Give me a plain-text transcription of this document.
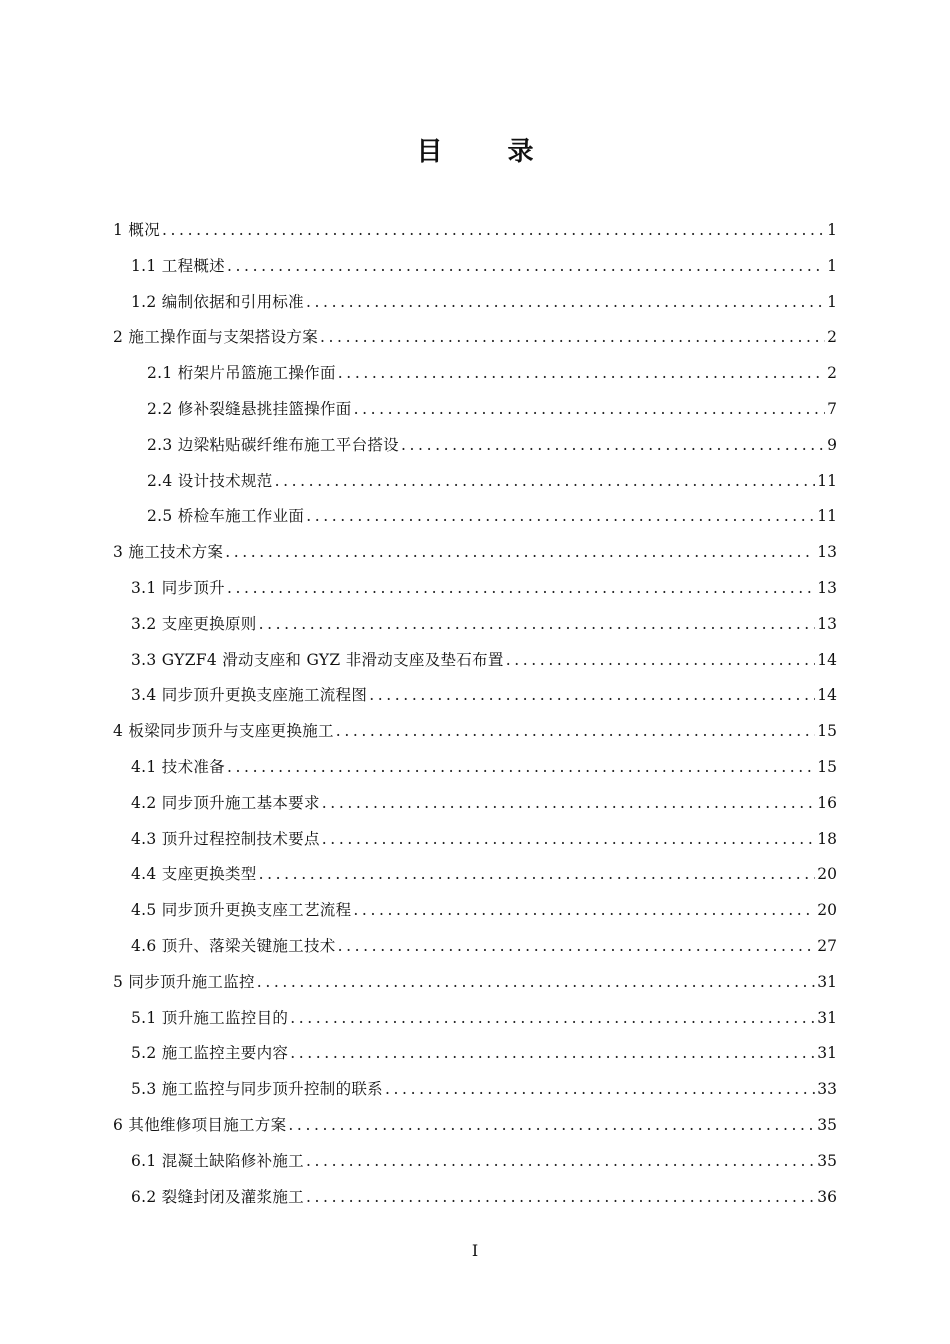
目 录
1 概况 .....	1
1.1 工程概述 .....	1
1.2 编制依据和引用标准 .....	1
2 施工操作面与支架搭设方案 .....	2
2.1 桁架片吊篮施工操作面 .....	2
2.2 修补裂缝悬挑挂篮操作面 .....	7
2.3 边梁粘贴碳纤维布施工平台搭设 .....	9
2.4 设计技术规范 .....	11
2.5 桥检车施工作业面 .....	11
3 施工技术方案 .....	13
3.1 同步顶升 .....	13
3.2 支座更换原则 .....	13
3.3 GYZF4 滑动支座和 GYZ 非滑动支座及垫石布置 .....	14
3.4 同步顶升更换支座施工流程图 .....	14
4 板梁同步顶升与支座更换施工 .....	15
4.1 技术准备 .....	15
4.2 同步顶升施工基本要求 .....	16
4.3 顶升过程控制技术要点 .....	18
4.4 支座更换类型 .....	20
4.5 同步顶升更换支座工艺流程 .....	20
4.6 顶升、落梁关键施工技术 .....	27
5 同步顶升施工监控 .....	31
5.1 顶升施工监控目的 .....	31
5.2 施工监控主要内容 .....	31
5.3 施工监控与同步顶升控制的联系 .....	33
6 其他维修项目施工方案 .....	35
6.1 混凝土缺陷修补施工 .....	35
6.2 裂缝封闭及灌浆施工 .....	36
I
